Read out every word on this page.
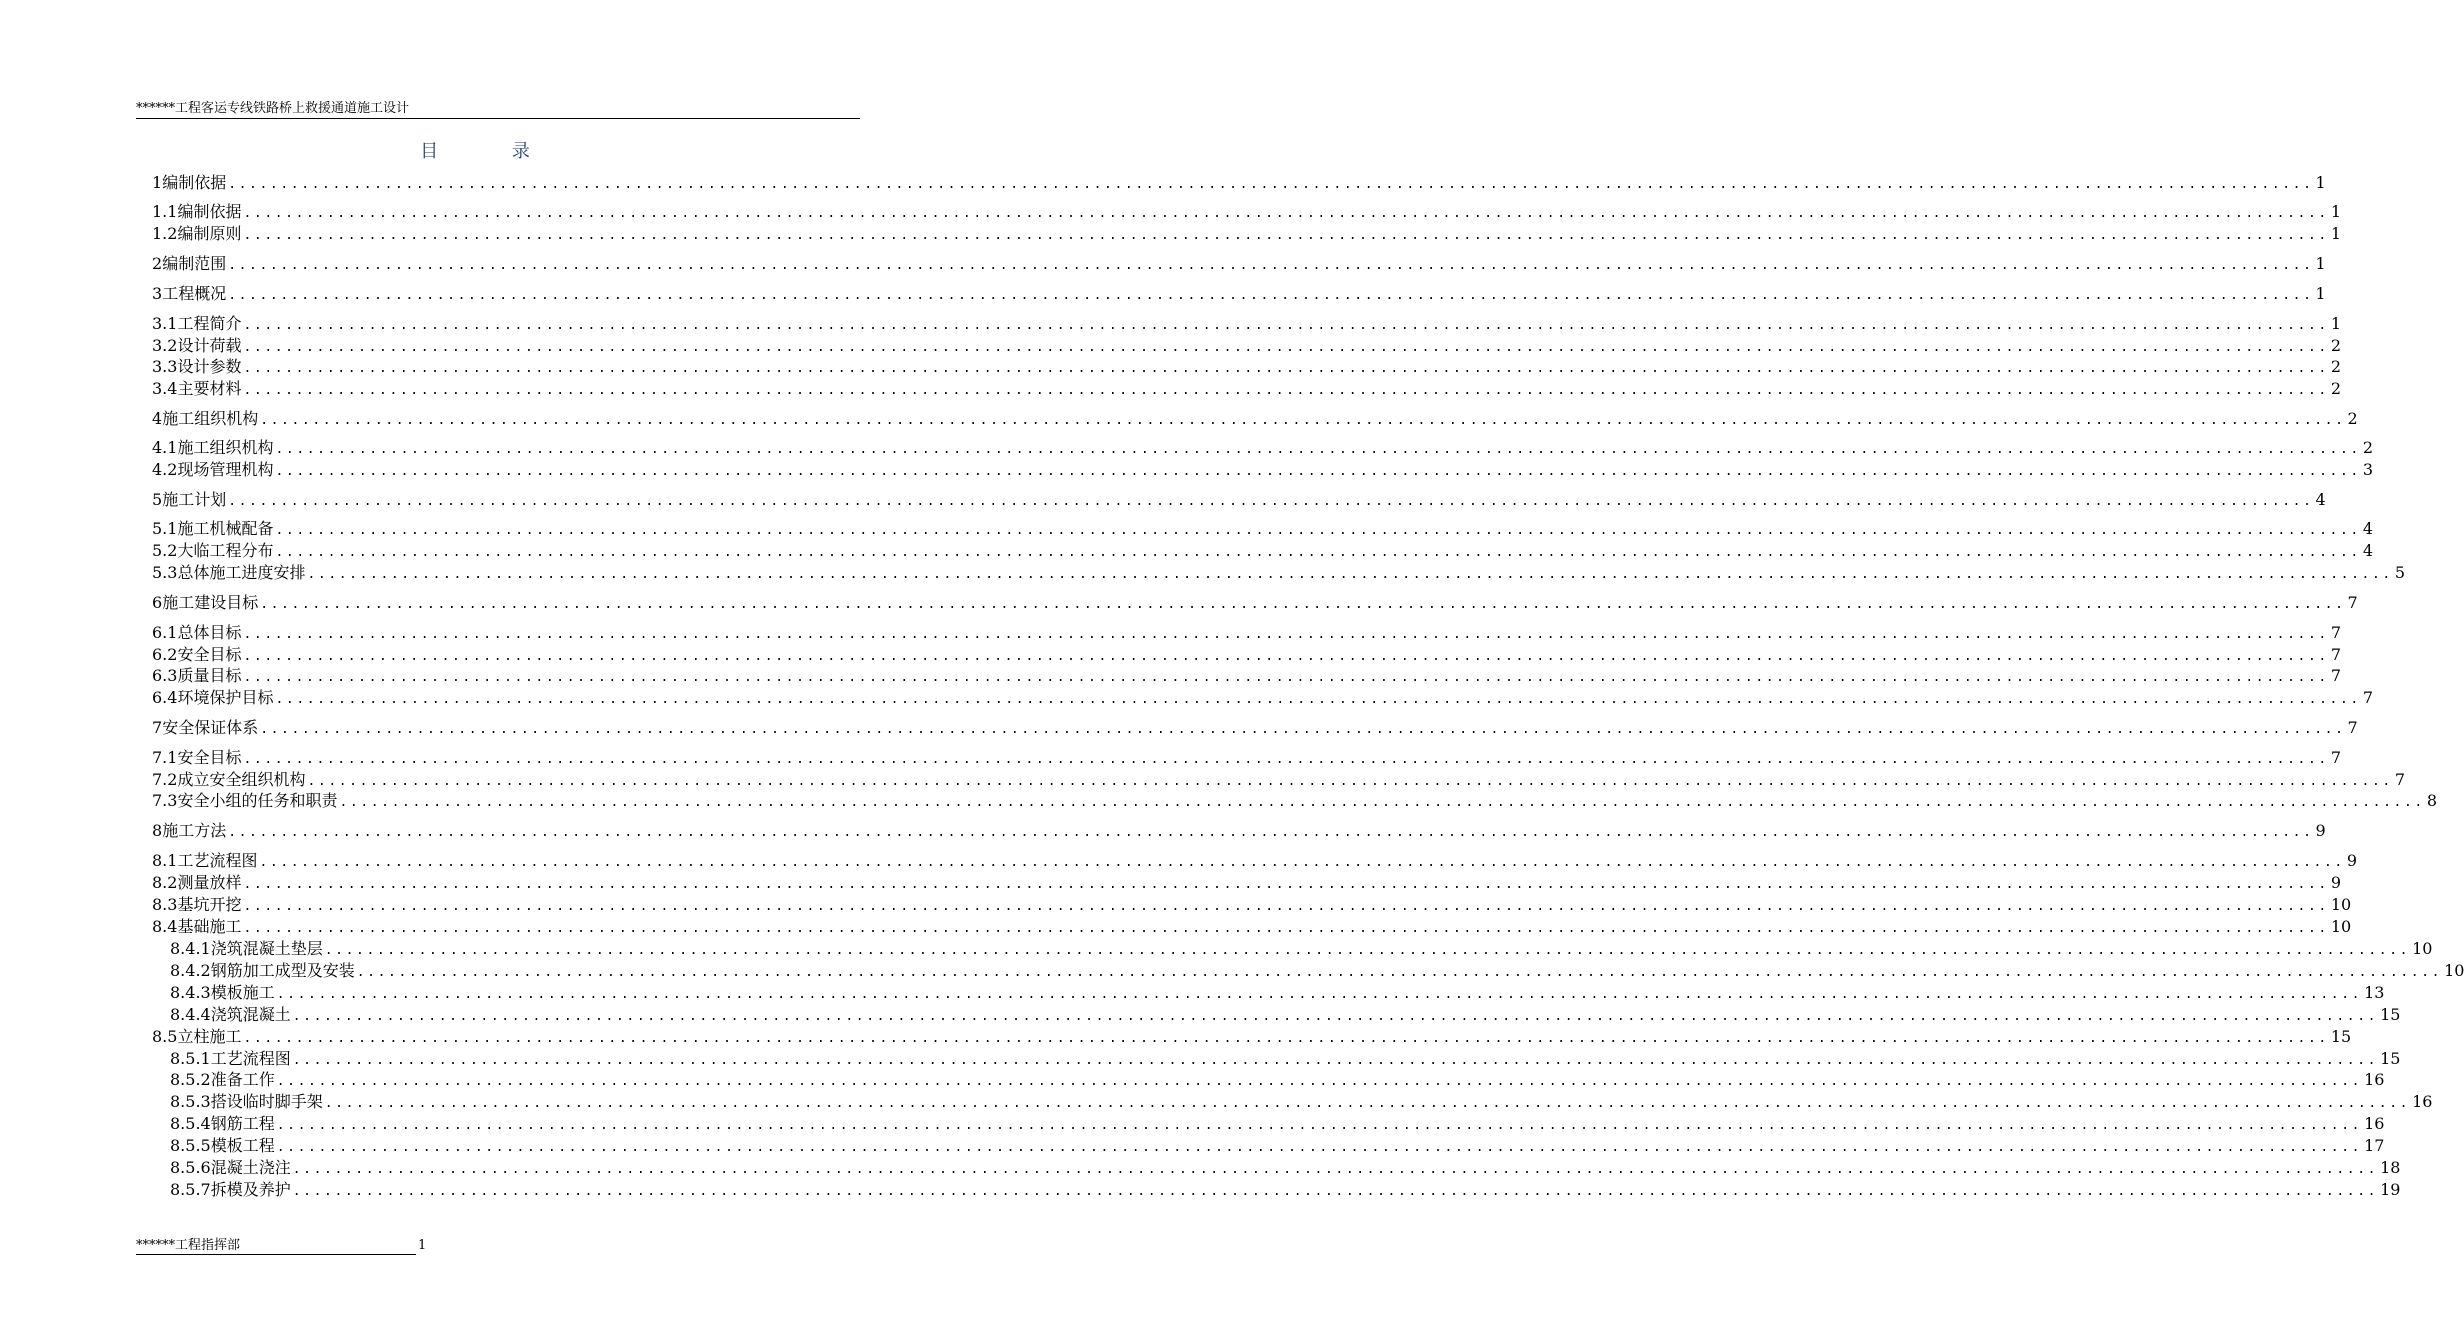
******工程客运专线铁路桥上救援通道施工设计
目	录
1 编制依据 ........................................................................................................................................................................................................ 1
1.1 编制依据 ........................................................................................................................................................................................................ 1
1.2 编制原则 ........................................................................................................................................................................................................ 1
2 编制范围 ........................................................................................................................................................................................................ 1
3 工程概况 ........................................................................................................................................................................................................ 1
3.1 工程简介 ........................................................................................................................................................................................................ 1
3.2 设计荷载 ........................................................................................................................................................................................................ 2
3.3 设计参数 ........................................................................................................................................................................................................ 2
3.4 主要材料 ........................................................................................................................................................................................................ 2
4 施工组织机构 ........................................................................................................................................................................................................ 2
4.1 施工组织机构 ........................................................................................................................................................................................................ 2
4.2 现场管理机构 ........................................................................................................................................................................................................ 3
5 施工计划 ........................................................................................................................................................................................................ 4
5.1 施工机械配备 ........................................................................................................................................................................................................ 4
5.2 大临工程分布 ........................................................................................................................................................................................................ 4
5.3 总体施工进度安排 ........................................................................................................................................................................................................ 5
6 施工建设目标 ........................................................................................................................................................................................................ 7
6.1 总体目标 ........................................................................................................................................................................................................ 7
6.2 安全目标 ........................................................................................................................................................................................................ 7
6.3 质量目标 ........................................................................................................................................................................................................ 7
6.4 环境保护目标 ........................................................................................................................................................................................................ 7
7 安全保证体系 ........................................................................................................................................................................................................ 7
7.1 安全目标 ........................................................................................................................................................................................................ 7
7.2 成立安全组织机构 ........................................................................................................................................................................................................ 7
7.3 安全小组的任务和职责 ........................................................................................................................................................................................................ 8
8 施工方法 ........................................................................................................................................................................................................ 9
8.1 工艺流程图 ........................................................................................................................................................................................................ 9
8.2 测量放样 ........................................................................................................................................................................................................ 9
8.3 基坑开挖 ........................................................................................................................................................................................................ 10
8.4 基础施工 ........................................................................................................................................................................................................ 10
8.4.1 浇筑混凝土垫层 ........................................................................................................................................................................................................ 10
8.4.2 钢筋加工成型及安装 ........................................................................................................................................................................................................ 10
8.4.3 模板施工 ........................................................................................................................................................................................................ 13
8.4.4 浇筑混凝土 ........................................................................................................................................................................................................ 15
8.5 立柱施工 ........................................................................................................................................................................................................ 15
8.5.1 工艺流程图 ........................................................................................................................................................................................................ 15
8.5.2 准备工作 ........................................................................................................................................................................................................ 16
8.5.3 搭设临时脚手架 ........................................................................................................................................................................................................ 16
8.5.4 钢筋工程 ........................................................................................................................................................................................................ 16
8.5.5 模板工程 ........................................................................................................................................................................................................ 17
8.5.6 混凝土浇注 ........................................................................................................................................................................................................ 18
8.5.7 拆模及养护 ........................................................................................................................................................................................................ 19
******工程指挥部	1
